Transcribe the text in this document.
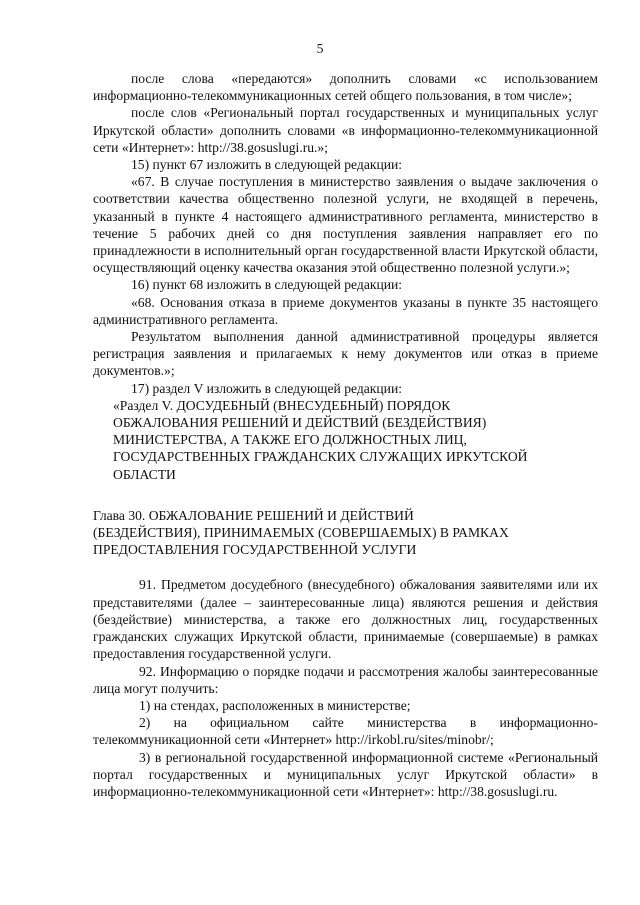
5

после слова «передаются» дополнить словами «с использованием информационно-телекоммуникационных сетей общего пользования, в том числе»;

после слов «Региональный портал государственных и муниципальных услуг Иркутской области» дополнить словами «в информационно-телекоммуникационной сети «Интернет»: http://38.gosuslugi.ru.»;

15) пункт 67 изложить в следующей редакции:

«67. В случае поступления в министерство заявления о выдаче заключения о соответствии качества общественно полезной услуги, не входящей в перечень, указанный в пункте 4 настоящего административного регламента, министерство в течение 5 рабочих дней со дня поступления заявления направляет его по принадлежности в исполнительный орган государственной власти Иркутской области, осуществляющий оценку качества оказания этой общественно полезной услуги.»;

16) пункт 68 изложить в следующей редакции:

«68. Основания отказа в приеме документов указаны в пункте 35 настоящего административного регламента.

Результатом выполнения данной административной процедуры является регистрация заявления и прилагаемых к нему документов или отказ в приеме документов.»;

17) раздел V изложить в следующей редакции:

«Раздел V. ДОСУДЕБНЫЙ (ВНЕСУДЕБНЫЙ) ПОРЯДОК

ОБЖАЛОВАНИЯ РЕШЕНИЙ И ДЕЙСТВИЙ (БЕЗДЕЙСТВИЯ)

МИНИСТЕРСТВА, А ТАКЖЕ ЕГО ДОЛЖНОСТНЫХ ЛИЦ,

ГОСУДАРСТВЕННЫХ ГРАЖДАНСКИХ СЛУЖАЩИХ ИРКУТСКОЙ

ОБЛАСТИ

Глава 30. ОБЖАЛОВАНИЕ РЕШЕНИЙ И ДЕЙСТВИЙ

(БЕЗДЕЙСТВИЯ), ПРИНИМАЕМЫХ (СОВЕРШАЕМЫХ) В РАМКАХ

ПРЕДОСТАВЛЕНИЯ ГОСУДАРСТВЕННОЙ УСЛУГИ

91. Предметом досудебного (внесудебного) обжалования заявителями или их представителями (далее – заинтересованные лица) являются решения и действия (бездействие) министерства, а также его должностных лиц, государственных гражданских служащих Иркутской области, принимаемые (совершаемые) в рамках предоставления государственной услуги.

92. Информацию о порядке подачи и рассмотрения жалобы заинтересованные лица могут получить:

1) на стендах, расположенных в министерстве;

2) на официальном сайте министерства в информационно-телекоммуникационной сети «Интернет» http://irkobl.ru/sites/minobr/;

3) в региональной государственной информационной системе «Региональный портал государственных и муниципальных услуг Иркутской области» в информационно-телекоммуникационной сети «Интернет»: http://38.gosuslugi.ru.
